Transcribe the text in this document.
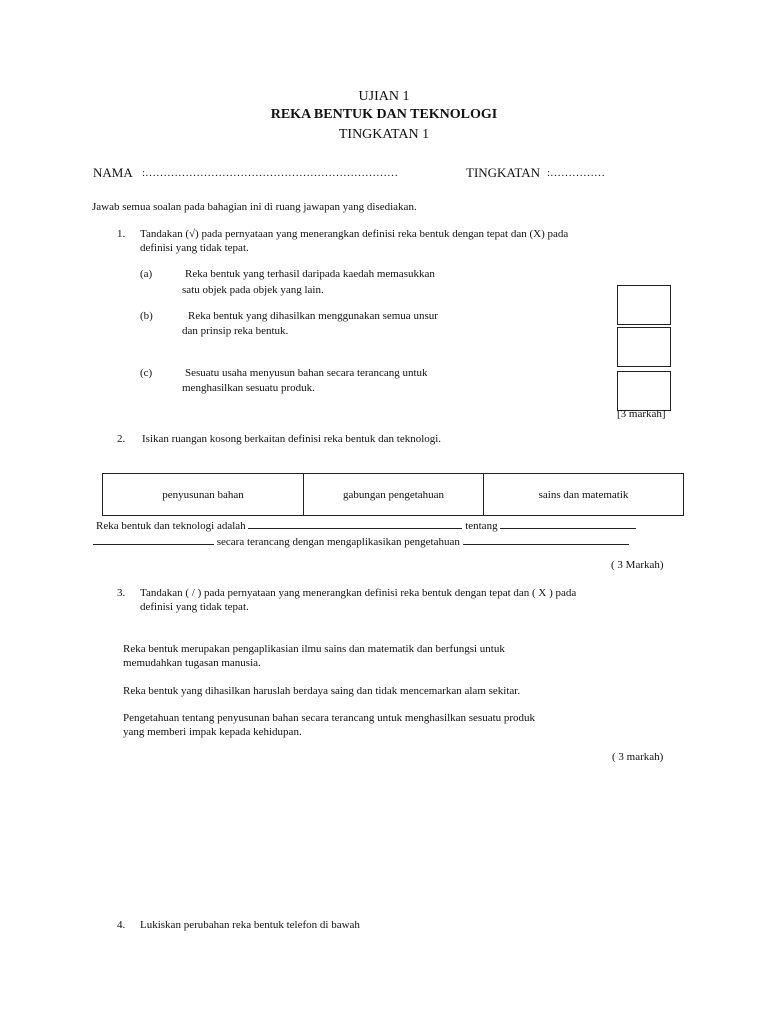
UJIAN 1
REKA BENTUK DAN TEKNOLOGI
TINGKATAN 1
NAMA :……………………………………………………………	TINGKATAN :……………
Jawab semua soalan pada bahagian ini di ruang jawapan yang disediakan.
1. Tandakan (√) pada pernyataan yang menerangkan definisi reka bentuk dengan tepat dan (X) pada
definisi yang tidak tepat.
(a)	Reka bentuk yang terhasil daripada kaedah memasukkan
satu objek pada objek yang lain.
(b)	Reka bentuk yang dihasilkan menggunakan semua unsur
dan prinsip reka bentuk.
(c)	Sesuatu usaha menyusun bahan secara terancang untuk
menghasilkan sesuatu produk.
[3 markah]
2. Isikan ruangan kosong berkaitan definisi reka bentuk dan teknologi.
penyusunan bahan	gabungan pengetahuan	sains dan matematik
Reka bentuk dan teknologi adalah	tentang
secara terancang dengan mengaplikasikan pengetahuan
( 3 Markah)
3. Tandakan ( / ) pada pernyataan yang menerangkan definisi reka bentuk dengan tepat dan ( X ) pada
definisi yang tidak tepat.
Reka bentuk merupakan pengaplikasian ilmu sains dan matematik dan berfungsi untuk
memudahkan tugasan manusia.
Reka bentuk yang dihasilkan haruslah berdaya saing dan tidak mencemarkan alam sekitar.
Pengetahuan tentang penyusunan bahan secara terancang untuk menghasilkan sesuatu produk
yang memberi impak kepada kehidupan.
( 3 markah)
4. Lukiskan perubahan reka bentuk telefon di bawah
